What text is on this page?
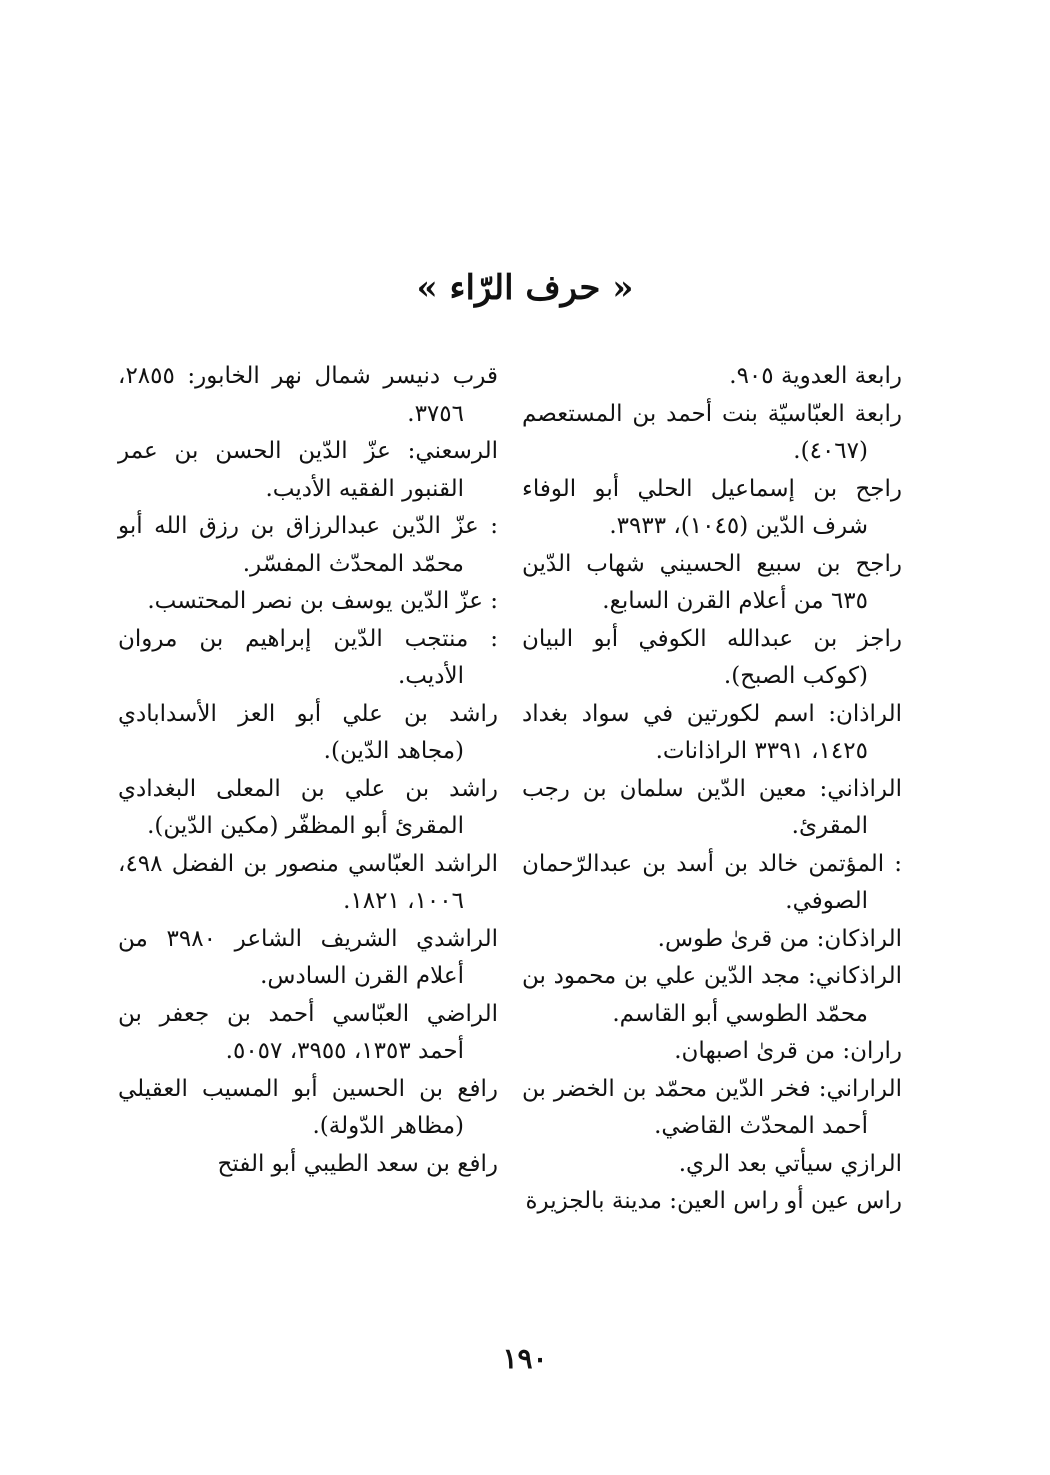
« حرف الرّاء »

رابعة العدوية ٩٠٥.

رابعة العبّاسيّة بنت أحمد بن المستعصم (٤٠٦٧).

راجح بن إسماعيل الحلي أبو الوفاء شرف الدّين (١٠٤٥)، ٣٩٣٣.

راجح بن سبيع الحسيني شهاب الدّين ٦٣٥ من أعلام القرن السابع.

راجز بن عبدالله الكوفي أبو البيان (كوكب الصبح).

الراذان: اسم لكورتين في سواد بغداد ١٤٢٥، ٣٣٩١ الراذانات.

الراذاني: معين الدّين سلمان بن رجب المقرئ.

: المؤتمن خالد بن أسد بن عبدالرّحمان الصوفي.

الراذكان: من قرىٰ طوس.

الراذكاني: مجد الدّين علي بن محمود بن محمّد الطوسي أبو القاسم.

راران: من قرىٰ اصبهان.

الراراني: فخر الدّين محمّد بن الخضر بن أحمد المحدّث القاضي.

الرازي سيأتي بعد الري.

راس عين أو راس العين: مدينة بالجزيرة

قرب دنيسر شمال نهر الخابور: ٢٨٥٥، ٣٧٥٦.

الرسعني: عزّ الدّين الحسن بن عمر القنبور الفقيه الأديب.

: عزّ الدّين عبدالرزاق بن رزق الله أبو محمّد المحدّث المفسّر.

: عزّ الدّين يوسف بن نصر المحتسب.

: منتجب الدّين إبراهيم بن مروان الأديب.

راشد بن علي أبو العز الأسدابادي (مجاهد الدّين).

راشد بن علي بن المعلى البغدادي المقرئ أبو المظفّر (مكين الدّين).

الراشد العبّاسي منصور بن الفضل ٤٩٨، ١٠٠٦، ١٨٢١.

الراشدي الشريف الشاعر ٣٩٨٠ من أعلام القرن السادس.

الراضي العبّاسي أحمد بن جعفر بن أحمد ١٣٥٣، ٣٩٥٥، ٥٠٥٧.

رافع بن الحسين أبو المسيب العقيلي (مظاهر الدّولة).

رافع بن سعد الطيبي أبو الفتح

١٩٠
